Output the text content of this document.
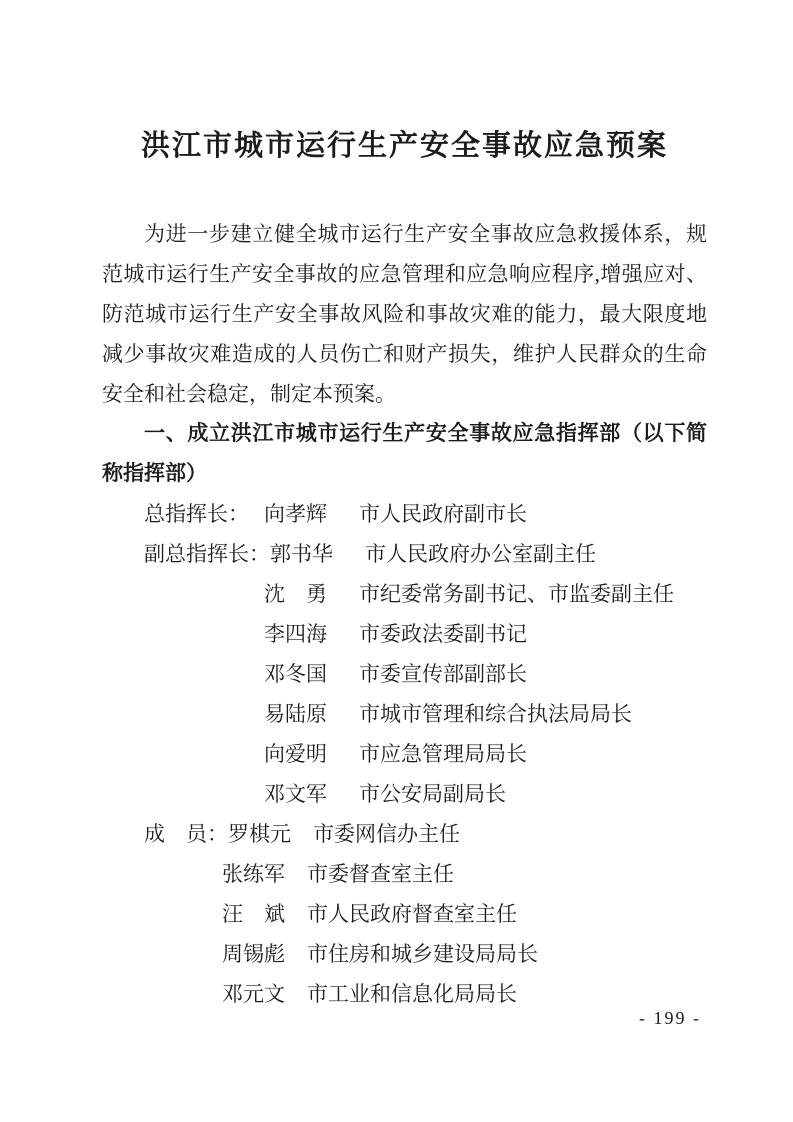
洪江市城市运行生产安全事故应急预案
为进一步建立健全城市运行生产安全事故应急救援体系，规
范城市运行生产安全事故的应急管理和应急响应程序,增强应对、
防范城市运行生产安全事故风险和事故灾难的能力，最大限度地
减少事故灾难造成的人员伤亡和财产损失，维护人民群众的生命
安全和社会稳定，制定本预案。
一、成立洪江市城市运行生产安全事故应急指挥部（以下简
称指挥部）
总指挥长： 向孝辉	市人民政府副市长
副总指挥长： 郭书华	市人民政府办公室副主任
沈　勇	市纪委常务副书记、市监委副主任
李四海	市委政法委副书记
邓冬国	市委宣传部副部长
易陆原	市城市管理和综合执法局局长
向爱明	市应急管理局局长
邓文军	市公安局副局长
成　员： 罗棋元	市委网信办主任
张练军	市委督查室主任
汪　斌	市人民政府督查室主任
周锡彪	市住房和城乡建设局局长
邓元文	市工业和信息化局局长
- 199 -
